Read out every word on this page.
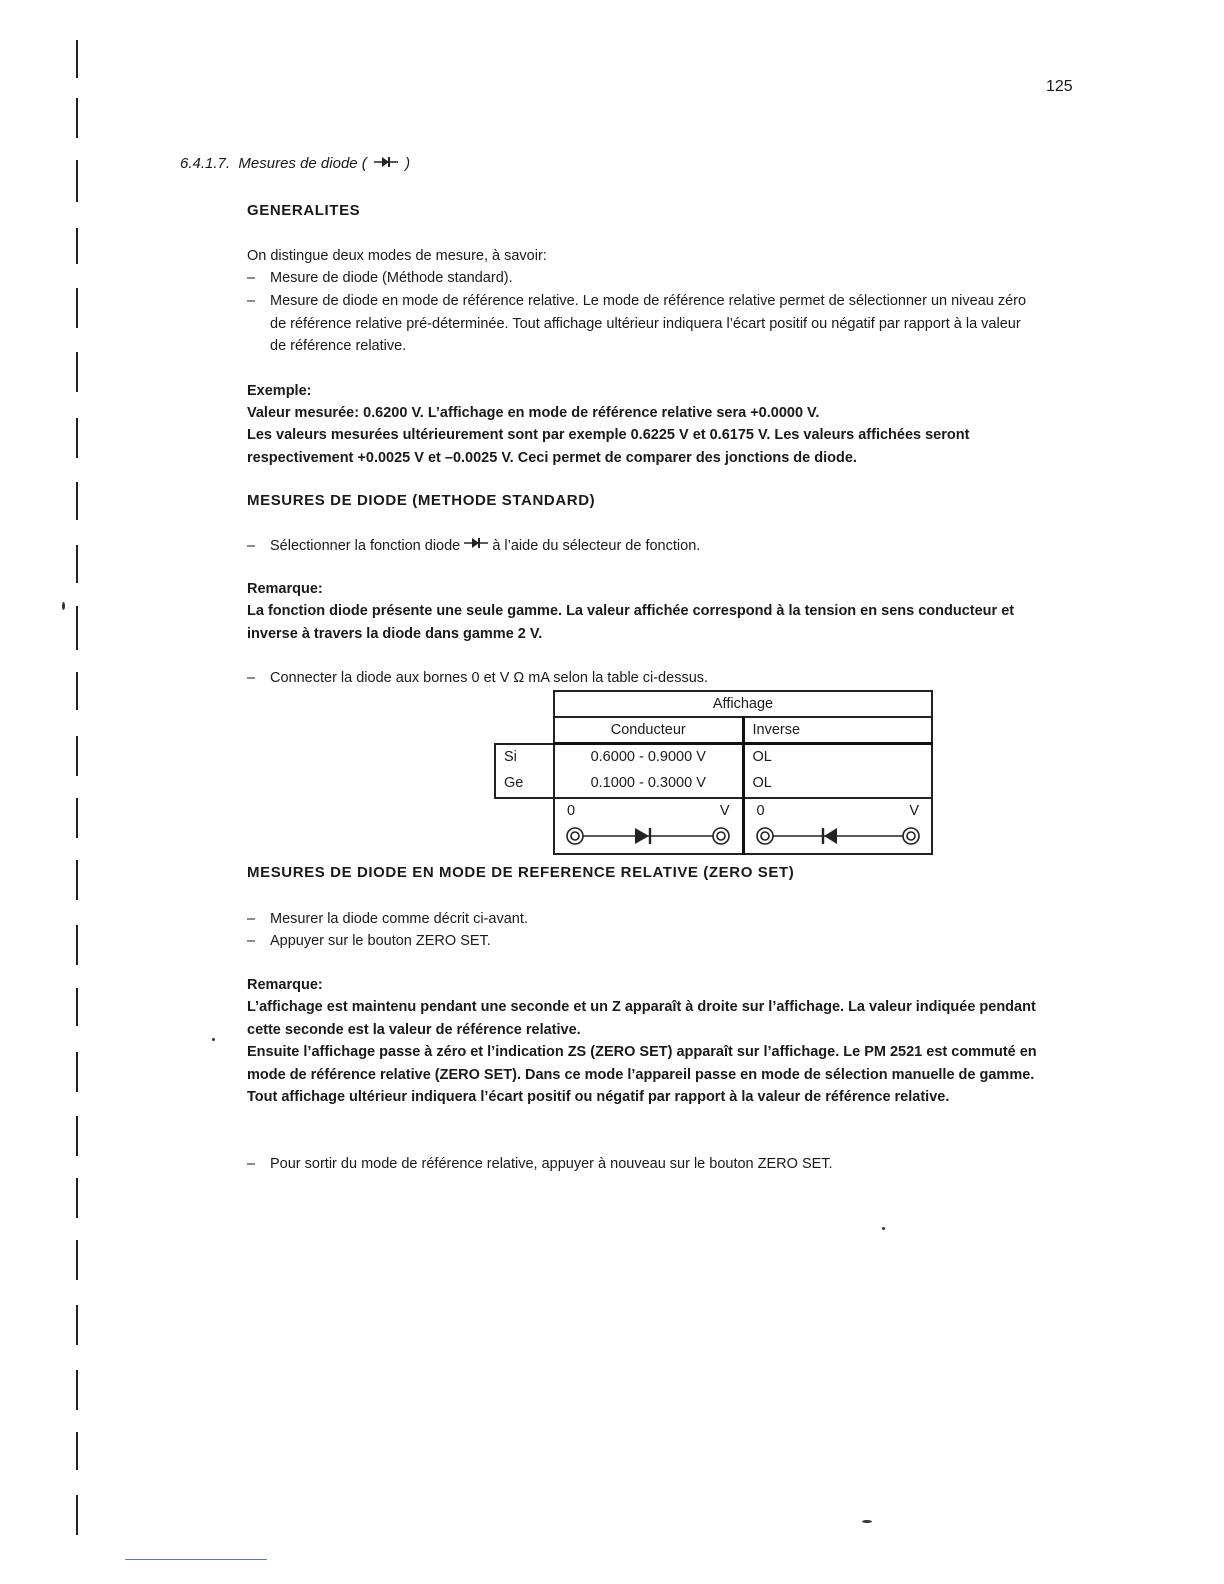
125
6.4.1.7. Mesures de diode (	)
GENERALITES
On distingue deux modes de mesure, à savoir:
– Mesure de diode (Méthode standard).
– Mesure de diode en mode de référence relative. Le mode de référence relative permet de sélectionner un niveau zéro de référence relative pré-déterminée. Tout affichage ultérieur indiquera l’écart positif ou négatif par rapport à la valeur de référence relative.
Exemple:
Valeur mesurée: 0.6200 V. L’affichage en mode de référence relative sera +0.0000 V.
Les valeurs mesurées ultérieurement sont par exemple 0.6225 V et 0.6175 V. Les valeurs affichées seront respectivement +0.0025 V et –0.0025 V. Ceci permet de comparer des jonctions de diode.
MESURES DE DIODE (METHODE STANDARD)
– Sélectionner la fonction diode à l’aide du sélecteur de fonction.
Remarque:
La fonction diode présente une seule gamme. La valeur affichée correspond à la tension en sens conducteur et inverse à travers la diode dans gamme 2 V.
– Connecter la diode aux bornes 0 et V Ω mA selon la table ci-dessus.
	Affichage	
	Conducteur	Inverse
Si	0.6000 - 0.9000 V	OL
Ge	0.1000 - 0.3000 V	OL
	0 V	0 V

MESURES DE DIODE EN MODE DE REFERENCE RELATIVE (ZERO SET)
– Mesurer la diode comme décrit ci-avant.
– Appuyer sur le bouton ZERO SET.
Remarque:
L’affichage est maintenu pendant une seconde et un Z apparaît à droite sur l’affichage. La valeur indiquée pendant cette seconde est la valeur de référence relative.
Ensuite l’affichage passe à zéro et l’indication ZS (ZERO SET) apparaît sur l’affichage. Le PM 2521 est commuté en mode de référence relative (ZERO SET). Dans ce mode l’appareil passe en mode de sélection manuelle de gamme. Tout affichage ultérieur indiquera l’écart positif ou négatif par rapport à la valeur de référence relative.
– Pour sortir du mode de référence relative, appuyer à nouveau sur le bouton ZERO SET.
